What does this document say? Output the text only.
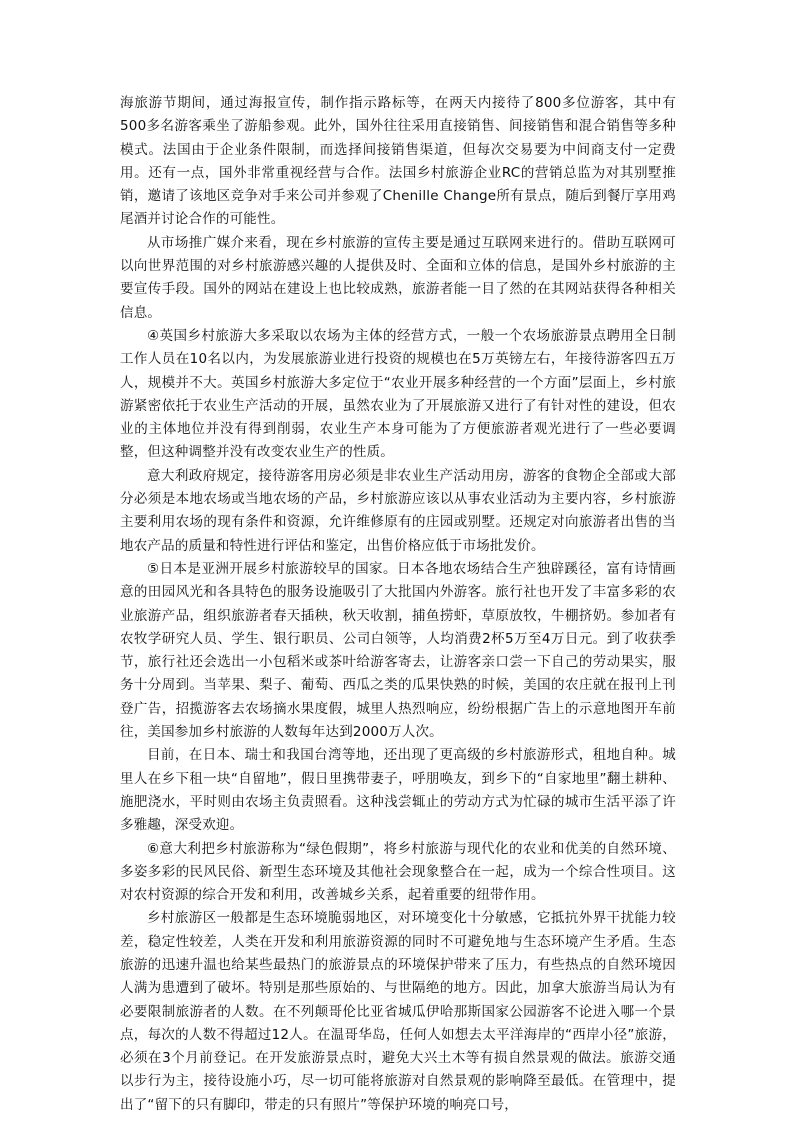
海旅游节期间，通过海报宣传，制作指示路标等，在两天内接待了800多位游客，其中有500多名游客乘坐了游船参观。此外，国外往往采用直接销售、间接销售和混合销售等多种模式。法国由于企业条件限制，而选择间接销售渠道，但每次交易要为中间商支付一定费用。还有一点，国外非常重视经营与合作。法国乡村旅游企业RC的营销总监为对其别墅推销，邀请了该地区竞争对手来公司并参观了Chenille Change所有景点，随后到餐厅享用鸡尾酒并讨论合作的可能性。

从市场推广媒介来看，现在乡村旅游的宣传主要是通过互联网来进行的。借助互联网可以向世界范围的对乡村旅游感兴趣的人提供及时、全面和立体的信息，是国外乡村旅游的主要宣传手段。国外的网站在建设上也比较成熟，旅游者能一目了然的在其网站获得各种相关信息。

④英国乡村旅游大多采取以农场为主体的经营方式，一般一个农场旅游景点聘用全日制工作人员在10名以内，为发展旅游业进行投资的规模也在5万英镑左右，年接待游客四五万人，规模并不大。英国乡村旅游大多定位于“农业开展多种经营的一个方面”层面上，乡村旅游紧密依托于农业生产活动的开展，虽然农业为了开展旅游又进行了有针对性的建设，但农业的主体地位并没有得到削弱，农业生产本身可能为了方便旅游者观光进行了一些必要调整，但这种调整并没有改变农业生产的性质。

意大利政府规定，接待游客用房必须是非农业生产活动用房，游客的食物企全部或大部分必须是本地农场或当地农场的产品，乡村旅游应该以从事农业活动为主要内容，乡村旅游主要利用农场的现有条件和资源，允许维修原有的庄园或别墅。还规定对向旅游者出售的当地农产品的质量和特性进行评估和鉴定，出售价格应低于市场批发价。

⑤日本是亚洲开展乡村旅游较早的国家。日本各地农场结合生产独辟蹊径，富有诗情画意的田园风光和各具特色的服务设施吸引了大批国内外游客。旅行社也开发了丰富多彩的农业旅游产品，组织旅游者春天插秧，秋天收割，捕鱼捞虾，草原放牧，牛棚挤奶。参加者有农牧学研究人员、学生、银行职员、公司白领等，人均消费2杯5万至4万日元。到了收获季节，旅行社还会选出一小包稻米或茶叶给游客寄去，让游客亲口尝一下自己的劳动果实，服务十分周到。当苹果、梨子、葡萄、西瓜之类的瓜果快熟的时候，美国的农庄就在报刊上刊登广告，招揽游客去农场摘水果度假，城里人热烈响应，纷纷根据广告上的示意地图开车前往，美国参加乡村旅游的人数每年达到2000万人次。

目前，在日本、瑞士和我国台湾等地，还出现了更高级的乡村旅游形式，租地自种。城里人在乡下租一块“自留地”，假日里携带妻子，呼朋唤友，到乡下的“自家地里”翻土耕种、施肥浇水，平时则由农场主负责照看。这种浅尝辄止的劳动方式为忙碌的城市生活平添了许多雅趣，深受欢迎。

⑥意大利把乡村旅游称为“绿色假期”，将乡村旅游与现代化的农业和优美的自然环境、多姿多彩的民风民俗、新型生态环境及其他社会现象整合在一起，成为一个综合性项目。这对农村资源的综合开发和利用，改善城乡关系，起着重要的纽带作用。

乡村旅游区一般都是生态环境脆弱地区，对环境变化十分敏感，它抵抗外界干扰能力较差，稳定性较差，人类在开发和利用旅游资源的同时不可避免地与生态环境产生矛盾。生态旅游的迅速升温也给某些最热门的旅游景点的环境保护带来了压力，有些热点的自然环境因人满为患遭到了破坏。特别是那些原始的、与世隔绝的地方。因此，加拿大旅游当局认为有必要限制旅游者的人数。在不列颠哥伦比亚省城瓜伊哈那斯国家公园游客不论进入哪一个景点，每次的人数不得超过12人。在温哥华岛，任何人如想去太平洋海岸的“西岸小径”旅游，必须在3个月前登记。在开发旅游景点时，避免大兴土木等有损自然景观的做法。旅游交通以步行为主，接待设施小巧，尽一切可能将旅游对自然景观的影响降至最低。在管理中，提出了“留下的只有脚印，带走的只有照片”等保护环境的响亮口号，
